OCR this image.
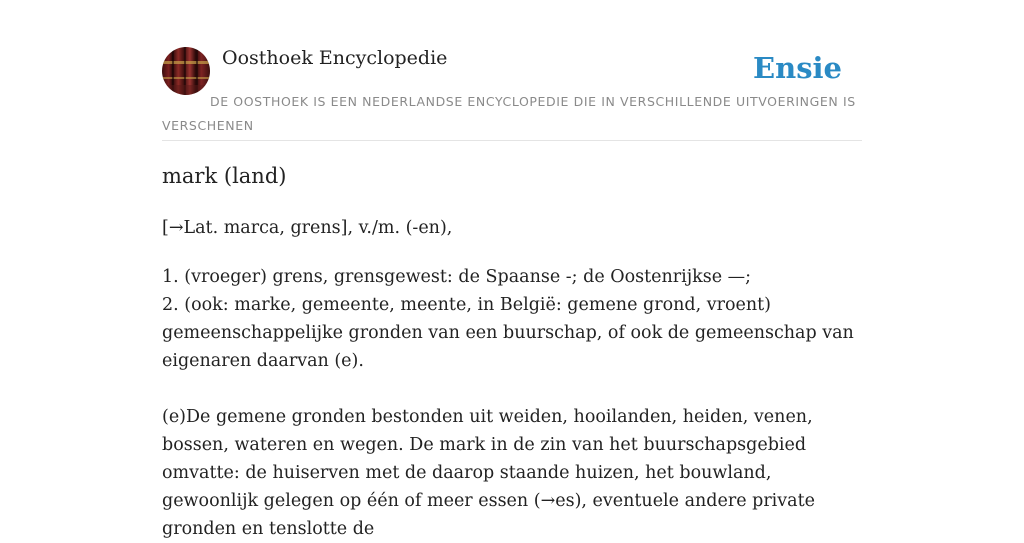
Oosthoek Encyclopedie	Ensie
DE OOSTHOEK IS EEN NEDERLANDSE ENCYCLOPEDIE DIE IN VERSCHILLENDE UITVOERINGEN IS VERSCHENEN
mark (land)
[→Lat. marca, grens], v./m. (-en),
1. (vroeger) grens, grensgewest: de Spaanse -; de Oostenrijkse —;
2. (ook: marke, gemeente, meente, in België: gemene grond, vroent) gemeenschappelijke gronden van een buurschap, of ook de gemeenschap van eigenaren daarvan (e).
(e)De gemene gronden bestonden uit weiden, hooilanden, heiden, venen, bossen, wateren en wegen. De mark in de zin van het buurschapsgebied omvatte: de huiserven met de daarop staande huizen, het bouwland, gewoonlijk gelegen op één of meer essen (→es), eventuele andere private gronden en tenslotte de
